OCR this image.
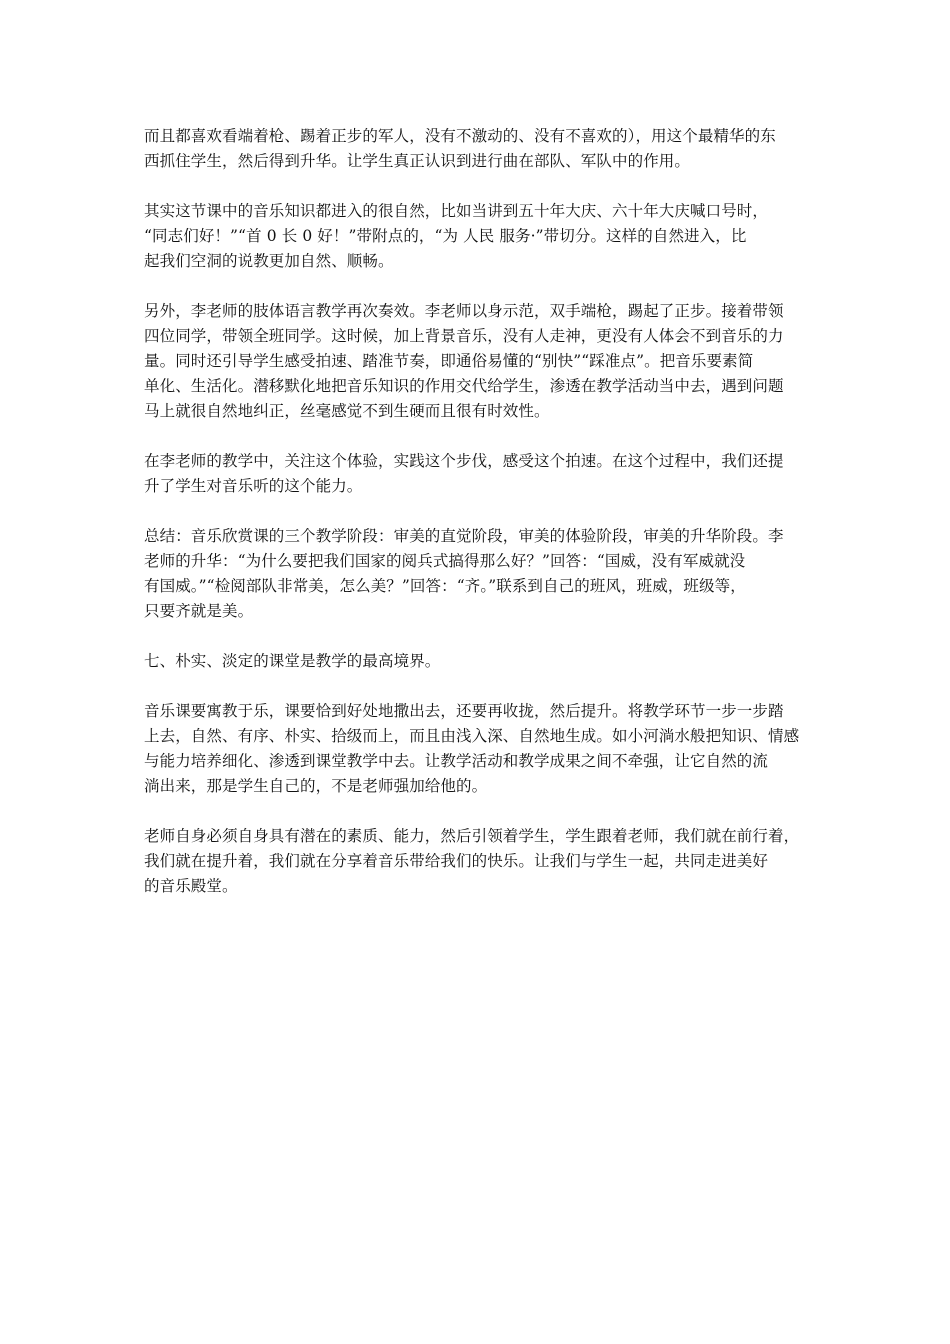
而且都喜欢看端着枪、踢着正步的军人，没有不激动的、没有不喜欢的），用这个最精华的东
西抓住学生，然后得到升华。让学生真正认识到进行曲在部队、军队中的作用。
其实这节课中的音乐知识都进入的很自然，比如当讲到五十年大庆、六十年大庆喊口号时，
“同志们好！”“首 0 长 0 好！”带附点的，“为 人民 服务·”带切分。这样的自然进入，比
起我们空洞的说教更加自然、顺畅。
另外，李老师的肢体语言教学再次奏效。李老师以身示范，双手端枪，踢起了正步。接着带领
四位同学，带领全班同学。这时候，加上背景音乐，没有人走神，更没有人体会不到音乐的力
量。同时还引导学生感受拍速、踏准节奏，即通俗易懂的“别快”“踩准点”。把音乐要素简
单化、生活化。潜移默化地把音乐知识的作用交代给学生，渗透在教学活动当中去，遇到问题
马上就很自然地纠正，丝毫感觉不到生硬而且很有时效性。
在李老师的教学中，关注这个体验，实践这个步伐，感受这个拍速。在这个过程中，我们还提
升了学生对音乐听的这个能力。
总结：音乐欣赏课的三个教学阶段：审美的直觉阶段，审美的体验阶段，审美的升华阶段。李
老师的升华：“为什么要把我们国家的阅兵式搞得那么好？”回答：“国威，没有军威就没
有国威。”“检阅部队非常美，怎么美？”回答：“齐。”联系到自己的班风，班威，班级等，
只要齐就是美。
七、朴实、淡定的课堂是教学的最高境界。
音乐课要寓教于乐，课要恰到好处地撒出去，还要再收拢，然后提升。将教学环节一步一步踏
上去，自然、有序、朴实、拾级而上，而且由浅入深、自然地生成。如小河淌水般把知识、情感
与能力培养细化、渗透到课堂教学中去。让教学活动和教学成果之间不牵强，让它自然的流
淌出来，那是学生自己的，不是老师强加给他的。
老师自身必须自身具有潜在的素质、能力，然后引领着学生，学生跟着老师，我们就在前行着，
我们就在提升着，我们就在分享着音乐带给我们的快乐。让我们与学生一起，共同走进美好
的音乐殿堂。
